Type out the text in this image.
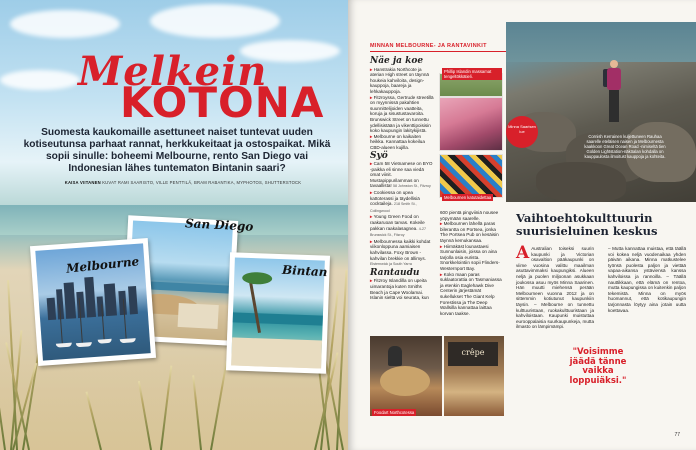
Melkein
KOTONA
Suomesta kaukomaille asettuneet naiset tuntevat uuden kotiseutunsa parhaat rannat, herkkukeitaat ja ostospaikat. Mikä sopii sinulle: boheemi Melbourne, rento San Diego vai Indonesian lähes tuntematon Bintanin saari?
KAISA VIITANEN KUVAT RAMI SAARISTO, VILLE PENTTILÄ, BRAM RABANTIKA, MYPHOTOS, SHUTTERSTOCK
San Diego
Melbourne	Bintan
MINNAN MELBOURNE- JA RANTAVINKIT
Minna Saarisen lue
Cornish Kerrainen kuljettuneen Rauhaa saarelle eteläisen naisen ja Melbournesta kaakkoon Great Ocean Road -nimiseltä tien Golden Lightstation-näköalan kohdalla on kauppaulosta ilmoitust kauppoja ja kohteita.
Näe ja koe
▸ Hanstrakia Northcote ja aterian High street on täynnä houkeia kahviloita, design-kauppoja, baareja ja lehkakauppoja.
▸ Fitzroyssa, Gertrude streetillä on myynnissä pakahtien suunnittelijoiden vaatteita, koruja ja sisustustavaroita. Brunswick Street on tunnettu ydellisistään ja vikenttipoisisin koko kaupungin lakitykijistä.
▸ Melbourne on kaikaiten heikka. Kannattaa kokeilua CBD-alueen kujilla.
Syö
▸ Cam 58 Vietnamese on BYO -paikka eli sinne saa viedä omat viinit. Mustapippurilammas on tavaallista! 58 Johnston St., Fitzroy
▸ Cookiessa on upea kattoterassi ja täydellisiä cocktaileja. 218 Smith St., Collingwood
▸ Young Green Food on raakaruoan tarvas. Kokeile pakkan raakalasagnea. 4-27 Brunswick St., Fitzroy
▸ Melbournessa kaikki kohdat viikonloppuna aamiaisen kahvilassa. Foxy Brown -kahvilan brekkie on ällimys. Elsternwick ja South Yarra
Rantaudu
▸ Fitzroy Islandilla on upeita uimarantoja kuten Smiths Beach ja Cape Woolamai. Islanin sieltä voi seurata, kun
Phillip Islandin massamat tengeltökkätieli.
Melbournen katutaidettaa
600 pientä pingviiniä nousee yöpymään saarelle.
▸ Melbournen lähellä paras bilerantta on Portsea, jonka The Portsea Pub on kesäisin täynnä kemukansaa.
▸ Hiirnäkäst lounastaesi Sunnunlaisin, joissa on aina tarjolla osia eurista. Snorkkelointiin sopii Flinders-Westernport Bay.
▸ Koko maan paras suklaatorattia on Tasmaniassa ja etenkin Eaglehawk Dive Centerin järjestämät sukellukset The Giant Kelp Forestissa ja The Deep Wallsilla kannattaa laittaa korvan taakse.
Vaihtoehtokulttuurin suurisieluinen keskus
A Australian toiseksi suurin kaupunki ja Victorian osavaltion pääkaupunki on viime vuosina valittu maailman asuttavimmaksi kaupungiksi. Alueen neljä ja puolen miljoonan asukkaan joukossa asuu myös Minna Saarinen. Hän muutti miehensä perään Melbourneen vuonna 2012 ja on sittemmin kotiutunut kaupunkiin täysin. – Melbourne on tunnettu kulttuuristaan, ruokakulttuuristaan ja kahviloistaan. Kaupunki muistuttaa eurooppalaisia suurkaupunkeja, mutta ilmasto on lämpimämpi.
– Mutta kannattaa muistaa, että täällä voi kokea neljä vuodenaikaa yhden päivän aikana. Minna matkustelee työnsä puolesta paljon ja viettää vapaa-aikansa ystäviensä kanssa kahviloissa ja rannoilla. – Täällä nauttikkaan, että elämä on rentoa, mutta kaupungissa on kuitenkin paljon tekemistä. Minna on myös huomannut, että kotikaupungin tarjonnasta löytyy aina jotain uutta koettavaa.
"Voisimme jäädä tänne vaikka loppuiäksi."
crêpe
Foodart Northcotessa
77
